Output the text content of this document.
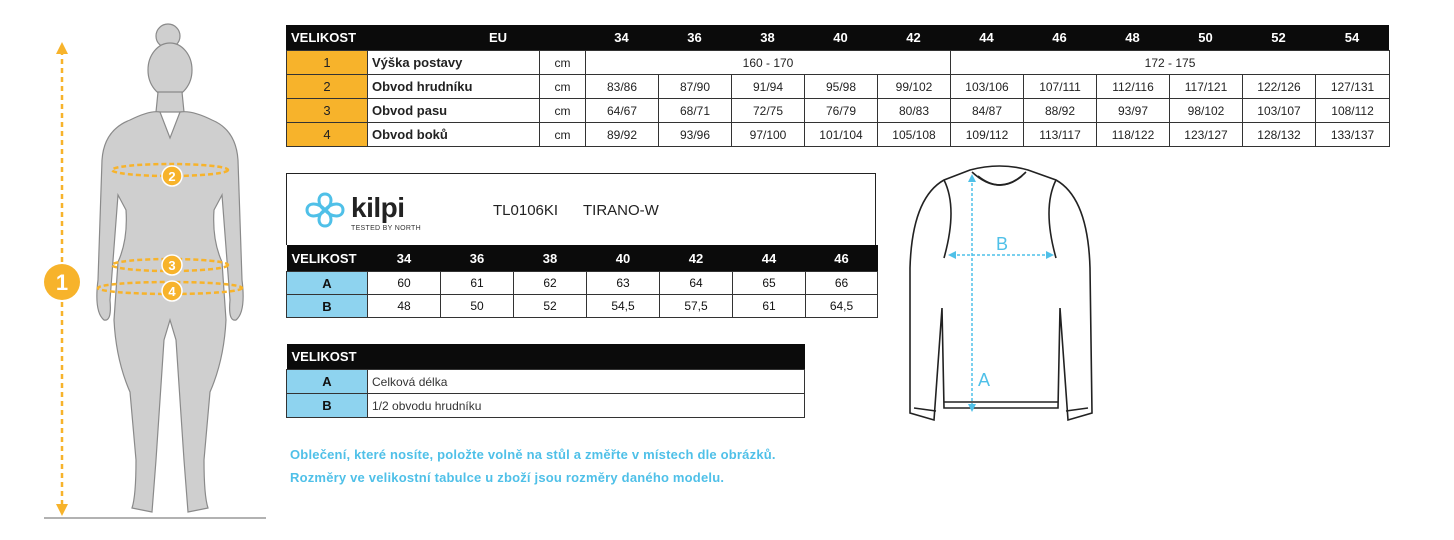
1
2
3
4
VELIKOST	EU	34	36	38	40	42	44	46	48	50	52	54
1	Výška postavy	cm	160 - 170					172 - 175					
2	Obvod hrudníku	cm	83/86	87/90	91/94	95/98	99/102	103/106	107/111	112/116	117/121	122/126	127/131
3	Obvod pasu	cm	64/67	68/71	72/75	76/79	80/83	84/87	88/92	93/97	98/102	103/107	108/112
4	Obvod boků	cm	89/92	93/96	97/100	101/104	105/108	109/112	113/117	118/122	123/127	128/132	133/137
kilpi
TESTED BY NORTH
TL0106KI TIRANO-W
VELIKOST	34	36	38	40	42	44	46
A	60	61	62	63	64	65	66
B	48	50	52	54,5	57,5	61	64,5
VELIKOST	
A	Celková délka
B	1/2 obvodu hrudníku
A
B
Oblečení, které nosíte, položte volně na stůl a změřte v místech dle obrázků.
Rozměry ve velikostní tabulce u zboží jsou rozměry daného modelu.
